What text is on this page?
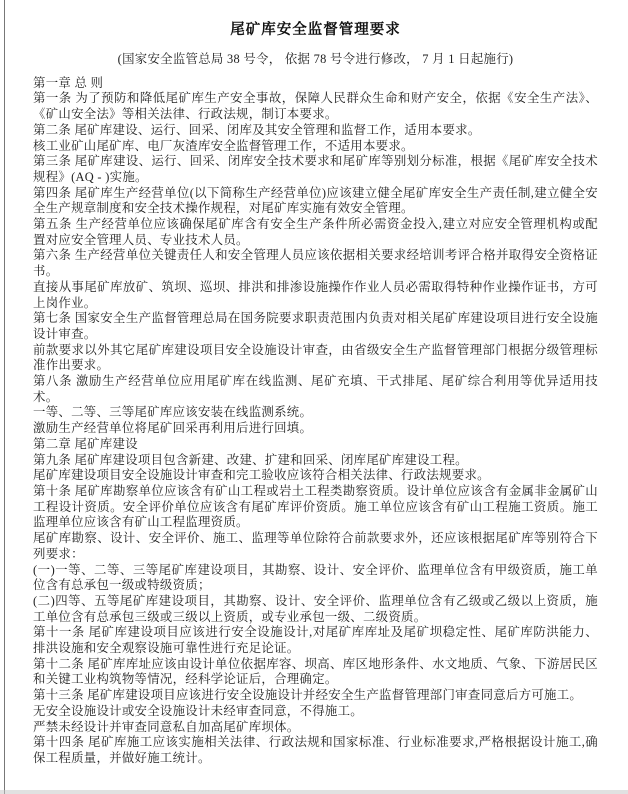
尾矿库安全监督管理要求
(国家安全监管总局 38 号令， 依据 78 号令进行修改， 7 月 1 日起施行)

第一章 总 则

第一条 为了预防和降低尾矿库生产安全事故，保障人民群众生命和财产安全，依据《安全生产法》、《矿山安全法》等相关法律、行政法规，制订本要求。

第二条 尾矿库建设、运行、回采、闭库及其安全管理和监督工作，适用本要求。

核工业矿山尾矿库、电厂灰渣库安全监督管理工作，不适用本要求。

第三条 尾矿库建设、运行、回采、闭库安全技术要求和尾矿库等别划分标准，根据《尾矿库安全技术规程》(AQ - )实施。

第四条 尾矿库生产经营单位(以下简称生产经营单位)应该建立健全尾矿库安全生产责任制,建立健全安全生产规章制度和安全技术操作规程，对尾矿库实施有效安全管理。

第五条 生产经营单位应该确保尾矿库含有安全生产条件所必需资金投入,建立对应安全管理机构或配置对应安全管理人员、专业技术人员。

第六条 生产经营单位关键责任人和安全管理人员应该依据相关要求经培训考评合格并取得安全资格证书。

直接从事尾矿库放矿、筑坝、巡坝、排洪和排渗设施操作作业人员必需取得特种作业操作证书，方可上岗作业。

第七条 国家安全生产监督管理总局在国务院要求职责范围内负责对相关尾矿库建设项目进行安全设施设计审查。

前款要求以外其它尾矿库建设项目安全设施设计审查，由省级安全生产监督管理部门根据分级管理标准作出要求。

第八条 激励生产经营单位应用尾矿库在线监测、尾矿充填、干式排尾、尾矿综合利用等优异适用技术。

一等、二等、三等尾矿库应该安装在线监测系统。

激励生产经营单位将尾矿回采再利用后进行回填。

第二章 尾矿库建设

第九条 尾矿库建设项目包含新建、改建、扩建和回采、闭库尾矿库建设工程。

尾矿库建设项目安全设施设计审查和完工验收应该符合相关法律、行政法规要求。

第十条 尾矿库勘察单位应该含有矿山工程或岩土工程类勘察资质。设计单位应该含有金属非金属矿山工程设计资质。安全评价单位应该含有尾矿库评价资质。施工单位应该含有矿山工程施工资质。施工监理单位应该含有矿山工程监理资质。

尾矿库勘察、设计、安全评价、施工、监理等单位除符合前款要求外，还应该根据尾矿库等别符合下列要求：

(一)一等、二等、三等尾矿库建设项目，其勘察、设计、安全评价、监理单位含有甲级资质，施工单位含有总承包一级或特级资质；

(二)四等、五等尾矿库建设项目，其勘察、设计、安全评价、监理单位含有乙级或乙级以上资质，施工单位含有总承包三级或三级以上资质，或专业承包一级、二级资质。

第十一条 尾矿库建设项目应该进行安全设施设计,对尾矿库库址及尾矿坝稳定性、尾矿库防洪能力、排洪设施和安全观察设施可靠性进行充足论证。

第十二条 尾矿库库址应该由设计单位依据库容、坝高、库区地形条件、水文地质、气象、下游居民区和关键工业构筑物等情况，经科学论证后，合理确定。

第十三条 尾矿库建设项目应该进行安全设施设计并经安全生产监督管理部门审查同意后方可施工。

无安全设施设计或安全设施设计未经审查同意，不得施工。

严禁未经设计并审查同意私自加高尾矿库坝体。

第十四条 尾矿库施工应该实施相关法律、行政法规和国家标准、行业标准要求,严格根据设计施工,确保工程质量，并做好施工统计。
